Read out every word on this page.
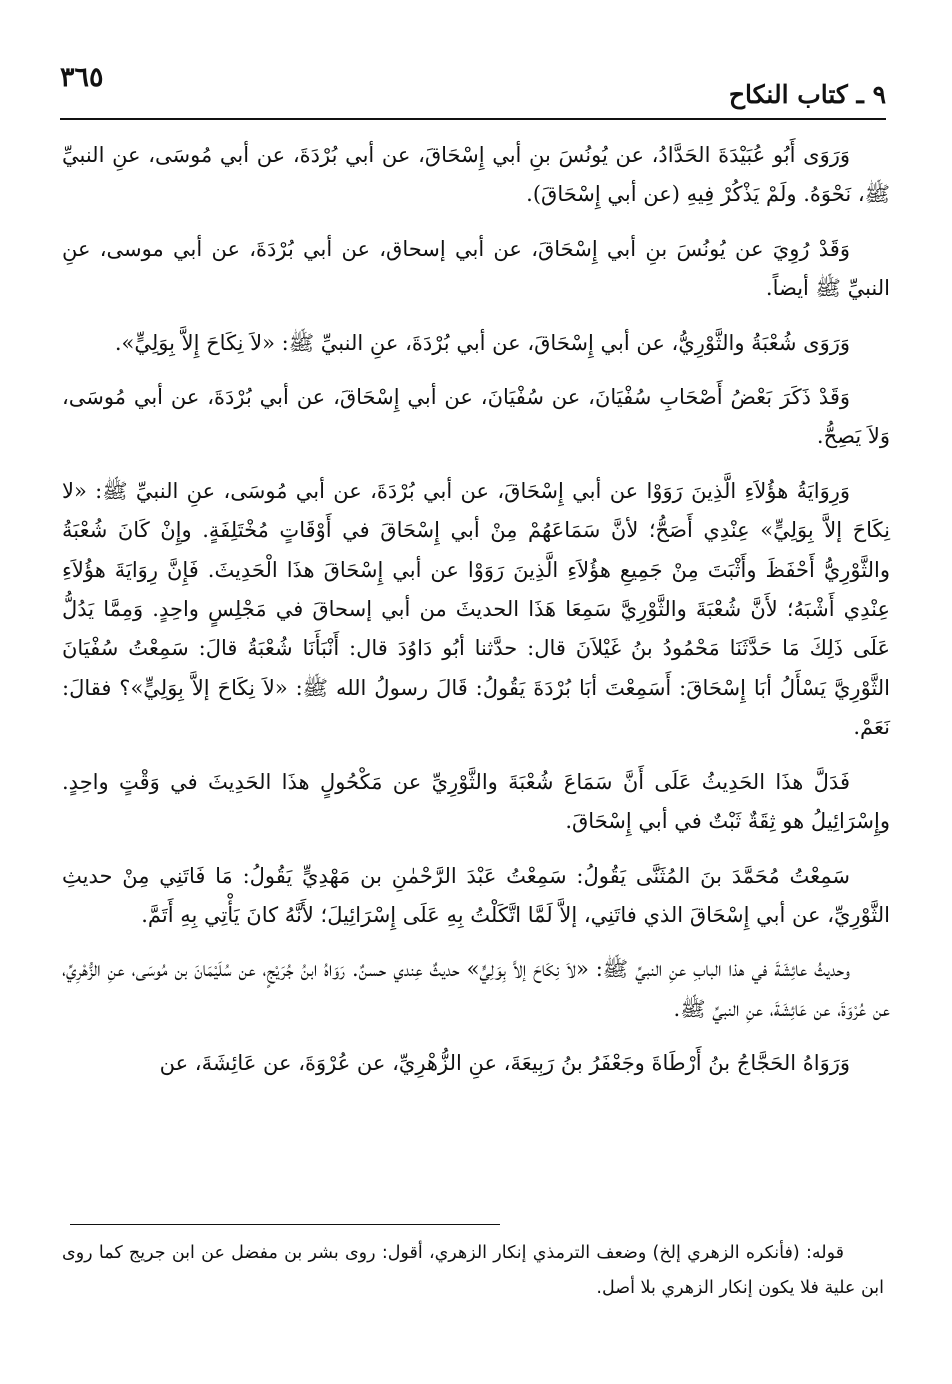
٩ ـ كتاب النكاح
٣٦٥

وَرَوَى أَبُو عُبَيْدَةَ الحَدَّادُ، عن يُونُسَ بنِ أبي إِسْحَاقَ، عن أبي بُرْدَةَ، عن أبي مُوسَى، عنِ النبيِّ ﷺ، نَحْوَهُ. ولَمْ يَذْكُرْ فِيهِ (عن أبي إِسْحَاقَ).

وَقَدْ رُوِيَ عن يُونُسَ بنِ أبي إِسْحَاقَ، عن أبي إسحاق، عن أبي بُرْدَةَ، عن أبي موسى، عنِ النبيِّ ﷺ أيضاً.

وَرَوَى شُعْبَةُ والثَّوْرِيُّ، عن أبي إِسْحَاقَ، عن أبي بُرْدَةَ، عنِ النبيِّ ﷺ: «لاَ نِكَاحَ إِلاَّ بِوَلِيٍّ».

وَقَدْ ذَكَرَ بَعْضُ أَصْحَابِ سُفْيَانَ، عن سُفْيَانَ، عن أبي إِسْحَاقَ، عن أبي بُرْدَةَ، عن أبي مُوسَى، وَلاَ يَصِحُّ.

وَرِوَايَةُ هؤُلاَءِ الَّذِينَ رَوَوْا عن أبي إِسْحَاقَ، عن أبي بُرْدَةَ، عن أبي مُوسَى، عنِ النبيِّ ﷺ: «لا نِكَاحَ إلاَّ بِوَلِيٍّ» عِنْدِي أَصَحُّ؛ لأنَّ سَمَاعَهُمْ مِنْ أبي إِسْحَاقَ في أَوْقَاتٍ مُخْتَلِفَةٍ. وإِنْ كَانَ شُعْبَةُ والثَّوْرِيُّ أَحْفَظَ وأَثْبَتَ مِنْ جَمِيعِ هؤُلاَءِ الَّذِينَ رَوَوْا عن أبي إِسْحَاقَ هذَا الْحَدِيثَ. فَإِنَّ رِوَايَةَ هؤُلاَءِ عِنْدِي أَشْبَهُ؛ لأَنَّ شُعْبَةَ والثَّوْرِيَّ سَمِعَا هَذَا الحديثَ من أبي إسحاقَ في مَجْلِسٍ واحِدٍ. وَمِمَّا يَدُلُّ عَلَى ذَلِكَ مَا حَدَّثَنَا مَحْمُودُ بنُ غَيْلاَنَ قال: حدَّثنا أبُو دَاوُدَ قال: أَنْبَأَنَا شُعْبَةُ قالَ: سَمِعْتُ سُفْيَانَ الثَّوْرِيَّ يَسْأَلُ أبَا إِسْحَاقَ: أَسَمِعْتَ أبَا بُرْدَةَ يَقُولُ: قَالَ رسولُ الله ﷺ: «لاَ نِكَاحَ إلاَّ بِوَلِيٍّ»؟ فقالَ: نَعَمْ.

فَدَلَّ هذَا الحَدِيثُ عَلَى أَنَّ سَمَاعَ شُعْبَةَ والثَّوْرِيِّ عن مَكْحُولٍ هذَا الحَدِيثَ في وَقْتٍ واحِدٍ. وإِسْرَائِيلُ هو ثِقَةٌ ثَبْتٌ في أبي إِسْحَاقَ.

سَمِعْتُ مُحَمَّدَ بنَ المُثَنَّى يَقُولُ: سَمِعْتُ عَبْدَ الرَّحْمٰنِ بن مَهْدِيٍّ يَقُولُ: مَا فَاتَنِي مِنْ حديثِ الثَّوْرِيِّ، عن أبي إِسْحَاقَ الذي فاتَنِي، إلاَّ لَمَّا اتَّكَلْتُ بِهِ عَلَى إِسْرَائِيلَ؛ لأَنَّهُ كانَ يَأْتِي بِهِ أَتَمَّ.

وحديثُ عائِشَةَ في هذا البابِ عنِ النبيِّ ﷺ: «لاَ نِكَاحَ إلاَّ بِوَلِيٍّ» حديثٌ عِندي حسنٌ. رَوَاهُ ابنُ جُرَيْجٍ، عن سُلَيْمَانَ بن مُوسَى، عنِ الزُّهْرِيِّ، عن عُرْوَةَ، عن عَائِشَةَ، عنِ النبيِّ ﷺ.

وَرَوَاهُ الحَجَّاجُ بنُ أَرْطَاةَ وجَعْفَرُ بنُ رَبِيعَةَ، عنِ الزُّهْرِيِّ، عن عُرْوَةَ، عن عَائِشَةَ، عن

قوله: (فأنكره الزهري إلخ) وضعف الترمذي إنكار الزهري، أقول: روى بشر بن مفضل عن ابن جريج كما روى ابن علية فلا يكون إنكار الزهري بلا أصل.
